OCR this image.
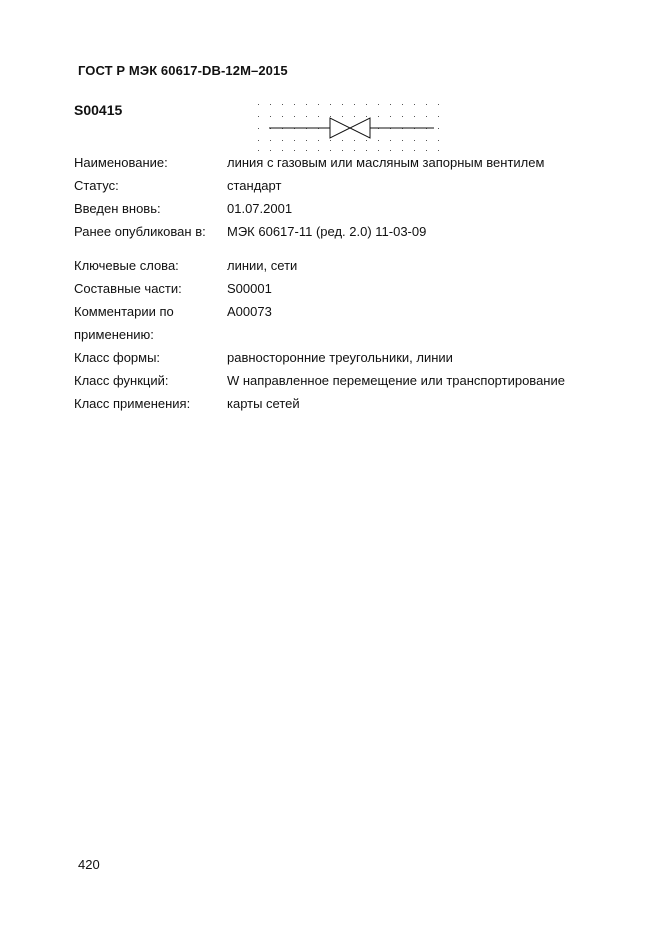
ГОСТ Р МЭК 60617-DB-12M–2015
S00415
Наименование:	линия с газовым или масляным запорным вентилем
Статус:	стандарт
Введен вновь:	01.07.2001
Ранее опубликован в: МЭК 60617-11 (ред. 2.0) 11-03-09
Ключевые слова:	линии, сети
Составные части:	S00001
Комментарии по	A00073
применению:
Класс формы:	равносторонние треугольники, линии
Класс функций:	W направленное перемещение или транспортирование
Класс применения:	карты сетей
420
